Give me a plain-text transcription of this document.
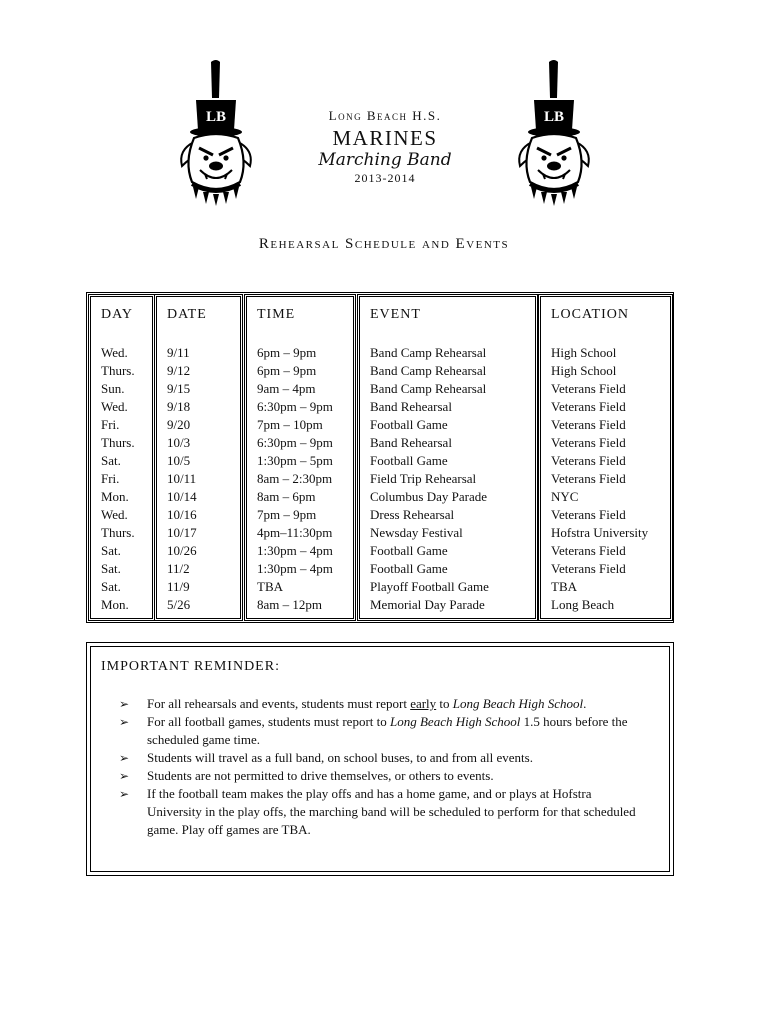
LB	LB
Long Beach H.S.
MARINES
Marching Band
2013-2014
Rehearsal Schedule and Events
DAY
Wed.
Thurs.
Sun.
Wed.
Fri.
Thurs.
Sat.
Fri.
Mon.
Wed.
Thurs.
Sat.
Sat.
Sat.
Mon.
DATE
9/11
9/12
9/15
9/18
9/20
10/3
10/5
10/11
10/14
10/16
10/17
10/26
11/2
11/9
5/26
TIME
6pm – 9pm
6pm – 9pm
9am – 4pm
6:30pm – 9pm
7pm – 10pm
6:30pm – 9pm
1:30pm – 5pm
8am – 2:30pm
8am – 6pm
7pm – 9pm
4pm–11:30pm
1:30pm – 4pm
1:30pm – 4pm
TBA
8am – 12pm
EVENT
Band Camp Rehearsal
Band Camp Rehearsal
Band Camp Rehearsal
Band Rehearsal
Football Game
Band Rehearsal
Football Game
Field Trip Rehearsal
Columbus Day Parade
Dress Rehearsal
Newsday Festival
Football Game
Football Game
Playoff Football Game
Memorial Day Parade
LOCATION
High School
High School
Veterans Field
Veterans Field
Veterans Field
Veterans Field
Veterans Field
Veterans Field
NYC
Veterans Field
Hofstra University
Veterans Field
Veterans Field
TBA
Long Beach
IMPORTANT REMINDER:
➢ For all rehearsals and events, students must report early to Long Beach High School.
➢ For all football games, students must report to Long Beach High School 1.5 hours before the scheduled game time.
➢ Students will travel as a full band, on school buses, to and from all events.
➢ Students are not permitted to drive themselves, or others to events.
➢ If the football team makes the play offs and has a home game, and or plays at Hofstra University in the play offs, the marching band will be scheduled to perform for that scheduled game. Play off games are TBA.
